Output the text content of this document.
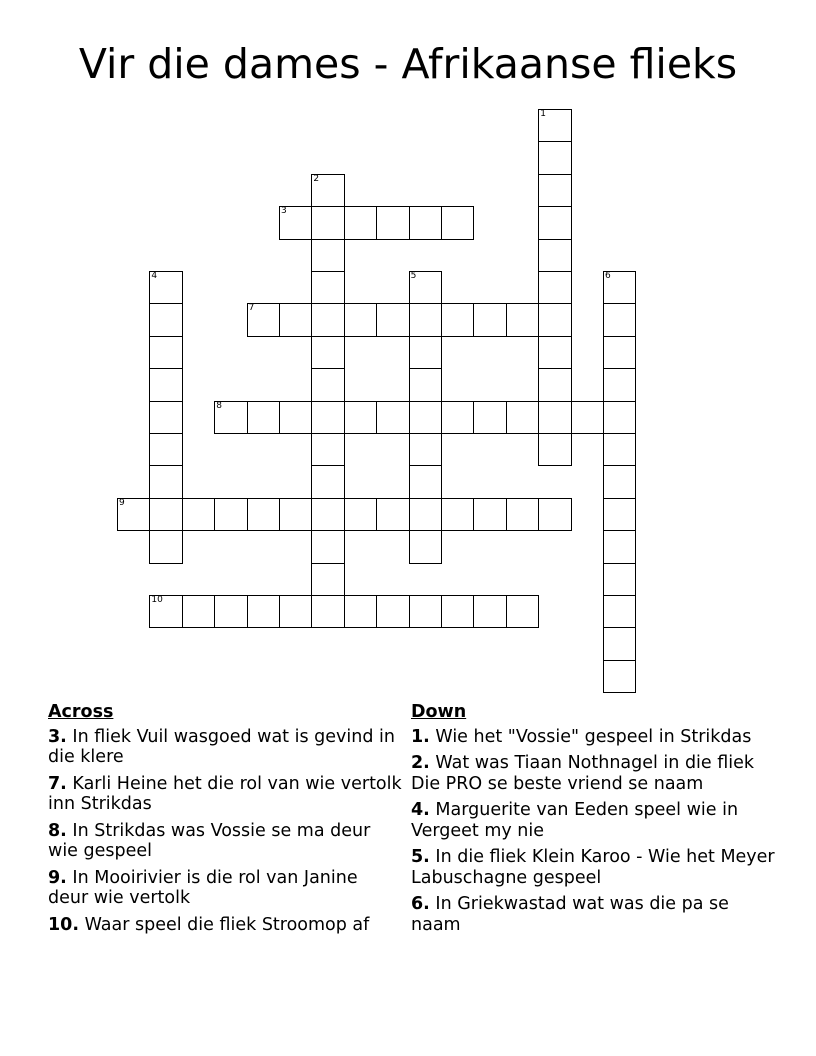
Vir die dames - Afrikaanse flieks
1
2
3
4	5	6
7
8
9
10
Across
3. In fliek Vuil wasgoed wat is gevind in die klere
7. Karli Heine het die rol van wie vertolk inn Strikdas
8. In Strikdas was Vossie se ma deur wie gespeel
9. In Mooirivier is die rol van Janine deur wie vertolk
10. Waar speel die fliek Stroomop af
Down
1. Wie het "Vossie" gespeel in Strikdas
2. Wat was Tiaan Nothnagel in die fliek Die PRO se beste vriend se naam
4. Marguerite van Eeden speel wie in Vergeet my nie
5. In die fliek Klein Karoo - Wie het Meyer Labuschagne gespeel
6. In Griekwastad wat was die pa se naam
